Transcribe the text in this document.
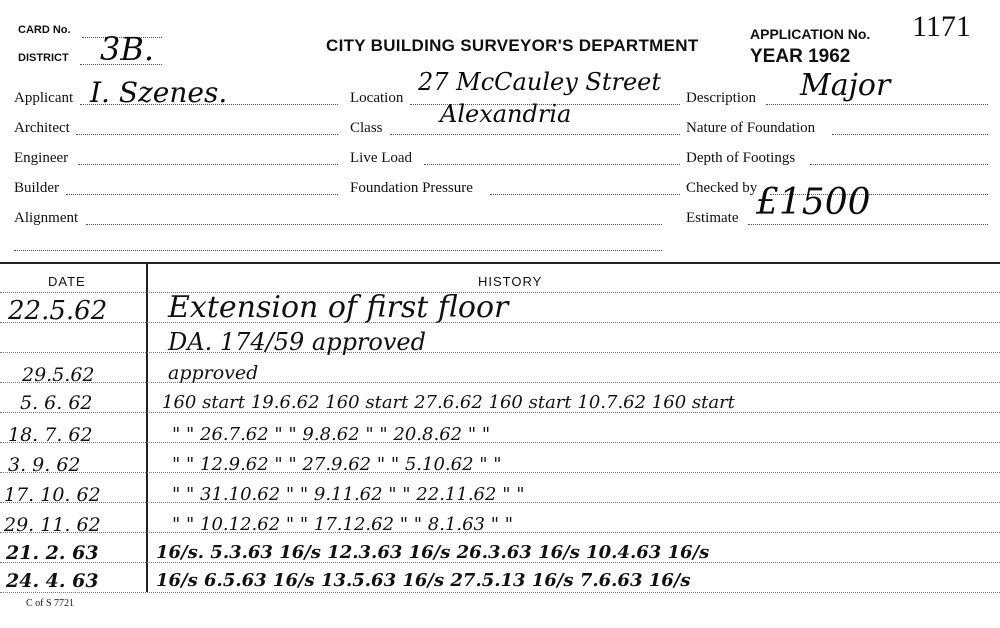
CARD No.
DISTRICT 3B.	CITY BUILDING SURVEYOR'S DEPARTMENT
APPLICATION No. 1171
YEAR 1962
Applicant I. Szenes.
Architect
Engineer
Builder
Alignment
Location
27 McCauley Street
Alexandria
Class
Live Load
Foundation Pressure
Description Major
Nature of Foundation
Depth of Footings
Checked by
Estimate £1500
DATE	HISTORY
22.5.62 Extension of first floor
DA. 174/59 approved
29.5.62	approved
5. 6. 62	160 start 19.6.62 160 start 27.6.62 160 start 10.7.62 160 start
18. 7. 62	" " 26.7.62 " " 9.8.62 " " 20.8.62 " "
3. 9. 62	" " 12.9.62 " " 27.9.62 " " 5.10.62 " "
17. 10. 62	" " 31.10.62 " " 9.11.62 " " 22.11.62 " "
29. 11. 62	" " 10.12.62 " " 17.12.62 " " 8.1.63 " "
21. 2. 63	16/s. 5.3.63 16/s 12.3.63 16/s 26.3.63 16/s 10.4.63 16/s
24. 4. 63	16/s 6.5.63 16/s 13.5.63 16/s 27.5.13 16/s 7.6.63 16/s
C of S 7721
